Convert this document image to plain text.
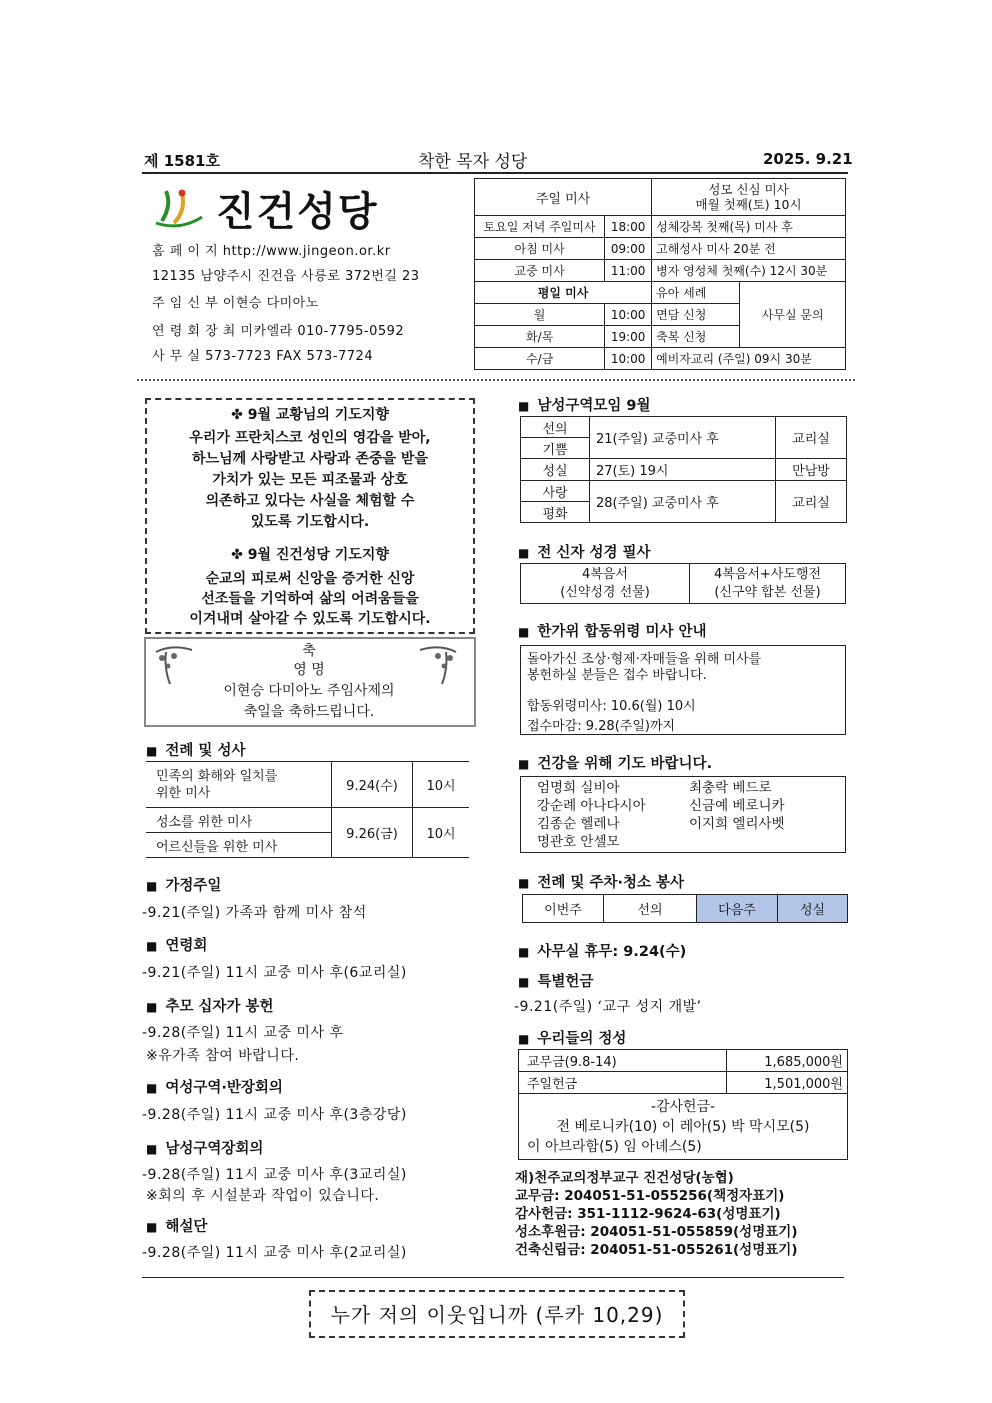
제 1581호	착한 목자 성당	2025. 9.21
진건성당
홈 페 이 지 http://www.jingeon.or.kr
12135 남양주시 진건읍 사릉로 372번길 23
주 임 신 부 이현승 다미아노
연 령 회 장 최 미카엘라 010-7795-0592
사 무 실 573-7723 FAX 573-7724
주일 미사		성모 신심 미사
매월 첫째(토) 10시	

토요일 저녁 주일미사	18:00	성체강복 첫째(목) 미사 후	
아침 미사	09:00	고해성사 미사 20분 전	
교중 미사	11:00	병자 영성체 첫째(수) 12시 30분	
평일 미사		유아 세례	사무실 문의
월	10:00	면담 신청	
화/목	19:00	축복 신청	
수/금	10:00	예비자교리 (주일) 09시 30분	
✤ 9월 교황님의 기도지향
우리가 프란치스코 성인의 영감을 받아,
하느님께 사랑받고 사랑과 존중을 받을
가치가 있는 모든 피조물과 상호
의존하고 있다는 사실을 체험할 수
있도록 기도합시다.
✤ 9월 진건성당 기도지향
순교의 피로써 신앙을 증거한 신앙
선조들을 기억하여 삶의 어려움들을
이겨내며 살아갈 수 있도록 기도합시다.
축
영 명
이현승 다미아노 주임사제의
축일을 축하드립니다.
■ 전례 및 성사
민족의 화해와 일치를
위한 미사	9.24(수)	10시
성소를 위한 미사	9.26(금)	10시
어르신들을 위한 미사		
■ 가정주일
-9.21(주일) 가족과 함께 미사 참석
■ 연령회
-9.21(주일) 11시 교중 미사 후(6교리실)
■ 추모 십자가 봉헌
-9.28(주일) 11시 교중 미사 후
※유가족 참여 바랍니다.
■ 여성구역·반장회의
-9.28(주일) 11시 교중 미사 후(3층강당)
■ 남성구역장회의
-9.28(주일) 11시 교중 미사 후(3교리실)
※회의 후 시설분과 작업이 있습니다.
■ 해설단
-9.28(주일) 11시 교중 미사 후(2교리실)
■ 남성구역모임 9월
선의	21(주일) 교중미사 후	교리실
기쁨		
성실	27(토) 19시	만남방
사랑	28(주일) 교중미사 후	교리실
평화		
■ 전 신자 성경 필사
4복음서
(신약성경 선물)

4복음서+사도행전
(신구약 합본 선물)
■ 한가위 합동위령 미사 안내
돌아가신 조상·형제·자매들을 위해 미사를
봉헌하실 분들은 접수 바랍니다.
합동위령미사: 10.6(월) 10시
접수마감: 9.28(주일)까지
■ 건강을 위해 기도 바랍니다.
엄명희 실비아	최충락 베드로
강순례 아나다시아	신금예 베로니카
김종순 헬레나	이지희 엘리사벳
명관호 안셀모
■ 전례 및 주차·청소 봉사
이번주	선의	다음주	성실
■ 사무실 휴무: 9.24(수)
■ 특별헌금
-9.21(주일) ‘교구 성지 개발’
■ 우리들의 정성
교무금(9.8-14)	1,685,000원
주일헌금	1,501,000원

-감사헌금-
전 베로니카(10) 이 레아(5) 박 막시모(5)
이 아브라함(5) 임 아녜스(5)	
재)천주교의정부교구 진건성당(농협)
교무금: 204051-51-055256(책정자표기)
감사헌금: 351-1112-9624-63(성명표기)
성소후원금: 204051-51-055859(성명표기)
건축신립금: 204051-51-055261(성명표기)
누가 저의 이웃입니까 (루카 10,29)
